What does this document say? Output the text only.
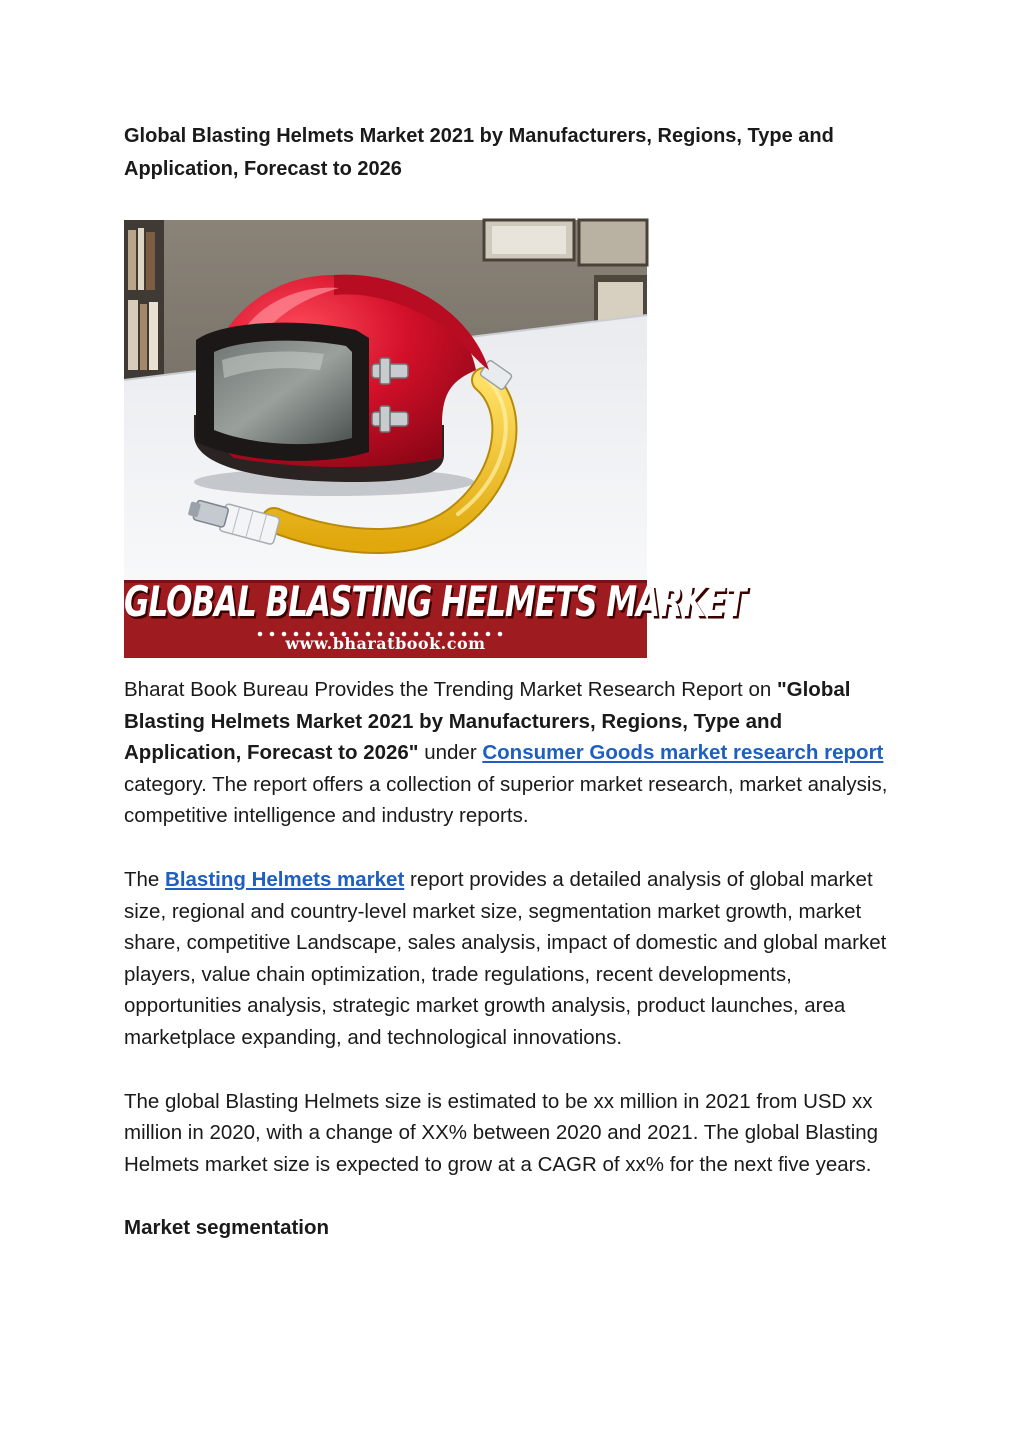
Global Blasting Helmets Market 2021 by Manufacturers, Regions, Type and Application, Forecast to 2026
GLOBAL BLASTING HELMETS MARKET
www.bharatbook.com

Bharat Book Bureau Provides the Trending Market Research Report on "Global Blasting Helmets Market 2021 by Manufacturers, Regions, Type and Application, Forecast to 2026" under Consumer Goods market research report category. The report offers a collection of superior market research, market analysis, competitive intelligence and industry reports.

The Blasting Helmets market report provides a detailed analysis of global market size, regional and country-level market size, segmentation market growth, market share, competitive Landscape, sales analysis, impact of domestic and global market players, value chain optimization, trade regulations, recent developments, opportunities analysis, strategic market growth analysis, product launches, area marketplace expanding, and technological innovations.

The global Blasting Helmets size is estimated to be xx million in 2021 from USD xx million in 2020, with a change of XX% between 2020 and 2021. The global Blasting Helmets market size is expected to grow at a CAGR of xx% for the next five years.

Market segmentation
